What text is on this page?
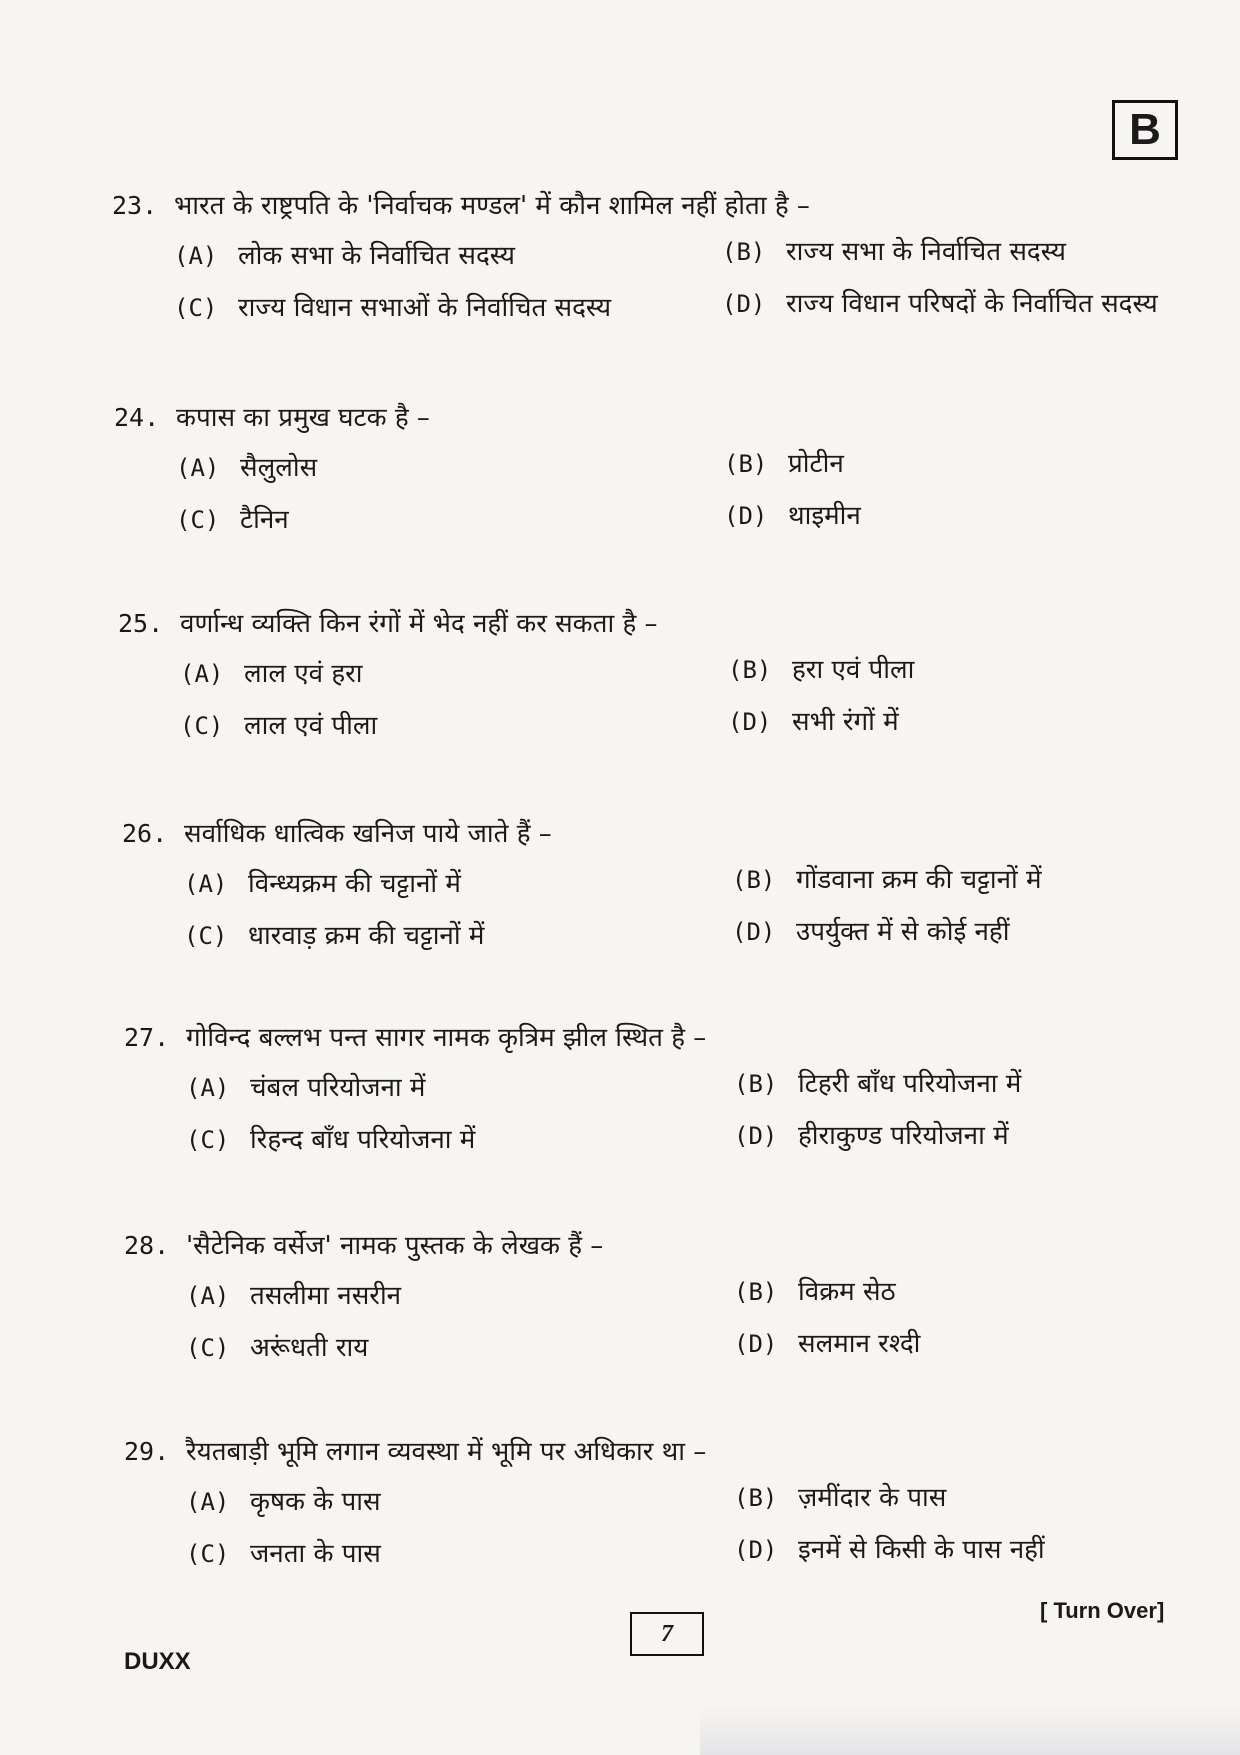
B
23. भारत के राष्ट्रपति के 'निर्वाचक मण्डल' में कौन शामिल नहीं होता है –
(A) लोक सभा के निर्वाचित सदस्य	(B) राज्य सभा के निर्वाचित सदस्य
(C) राज्य विधान सभाओं के निर्वाचित सदस्य	(D) राज्य विधान परिषदों के निर्वाचित सदस्य
24. कपास का प्रमुख घटक है –
(A) सैलुलोस	(B) प्रोटीन
(C) टैनिन	(D) थाइमीन
25. वर्णान्ध व्यक्ति किन रंगों में भेद नहीं कर सकता है –
(A) लाल एवं हरा	(B) हरा एवं पीला
(C) लाल एवं पीला	(D) सभी रंगों में
26. सर्वाधिक धात्विक खनिज पाये जाते हैं –
(A) विन्ध्यक्रम की चट्टानों में	(B) गोंडवाना क्रम की चट्टानों में
(C) धारवाड़ क्रम की चट्टानों में	(D) उपर्युक्त में से कोई नहीं
27. गोविन्द बल्लभ पन्त सागर नामक कृत्रिम झील स्थित है –
(A) चंबल परियोजना में	(B) टिहरी बाँध परियोजना में
(C) रिहन्द बाँध परियोजना में	(D) हीराकुण्ड परियोजना में
28. 'सैटेनिक वर्सेज' नामक पुस्तक के लेखक हैं –
(A) तसलीमा नसरीन	(B) विक्रम सेठ
(C) अरूंधती राय	(D) सलमान रश्दी
29. रैयतबाड़ी भूमि लगान व्यवस्था में भूमि पर अधिकार था –
(A) कृषक के पास	(B) ज़मींदार के पास
(C) जनता के पास	(D) इनमें से किसी के पास नहीं
[ Turn Over]
7
DUXX
